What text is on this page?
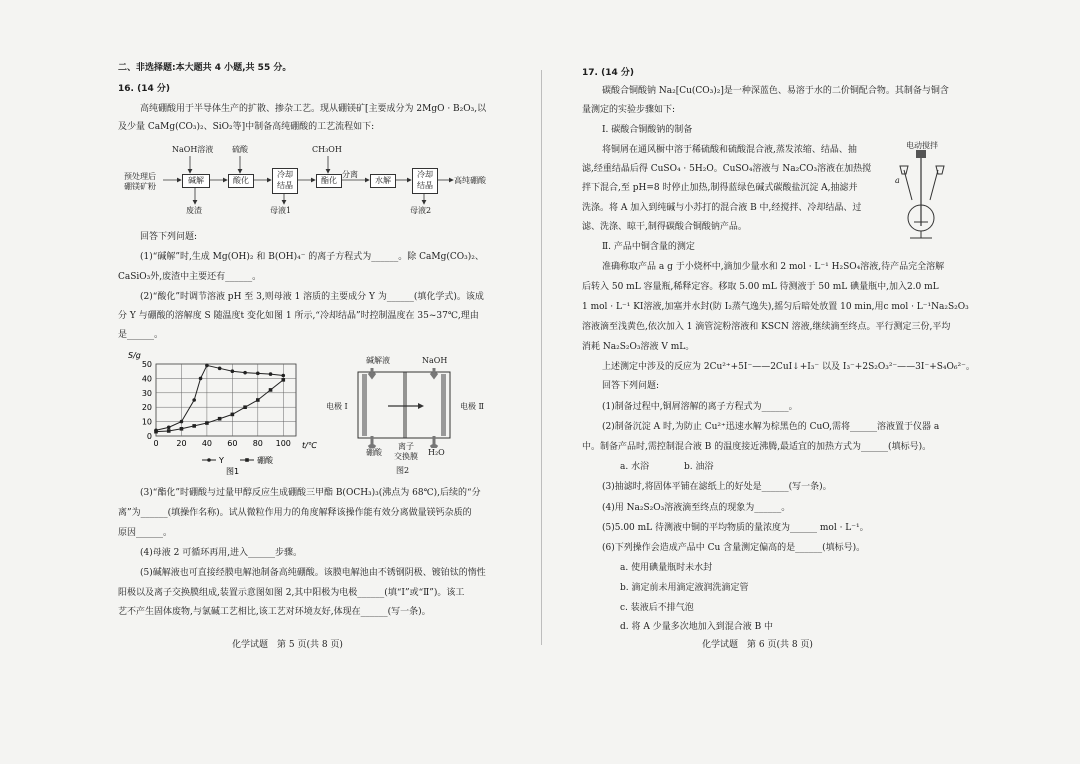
二、非选择题:本大题共 4 小题,共 55 分。
16. (14 分)
高纯硼酸用于半导体生产的扩散、掺杂工艺。现从硼镁矿[主要成分为 2MgO · B₂O₃,以
及少量 CaMg(CO₃)₂、SiO₂等]中制备高纯硼酸的工艺流程如下:
NaOH溶液 硫酸	CH₃OH
预处理后
硼镁矿粉
碱解	酸化
冷却
结晶
酯化
分离
水解
冷却
结晶
高纯硼酸
废渣	母液1	母液2
回答下列问题:
(1)“碱解”时,生成 Mg(OH)₂ 和 B(OH)₄⁻ 的离子方程式为______。除 CaMg(CO₃)₂、
CaSiO₃外,废渣中主要还有______。
(2)“酸化”时调节溶液 pH 至 3,则母液 1 溶质的主要成分 Y 为______(填化学式)。该成
分 Y 与硼酸的溶解度 S 随温度t 变化如图 1 所示,“冷却结晶”时控制温度在 35~37℃,理由
是______。
0
10
20
30
40
50
0 20 40 60 80 100
S/g
t/℃
Y	硼酸
图1
碱解液	NaOH
电极 Ⅰ	电极 Ⅱ
硼酸
离子
交换膜 H₂O
图2
(3)“酯化”时硼酸与过量甲醇反应生成硼酸三甲酯 B(OCH₃)₃(沸点为 68℃),后续的“分
离”为______(填操作名称)。试从微粒作用力的角度解释该操作能有效分离做量镁钙杂质的
原因______。
(4)母液 2 可循环再用,进入______步骤。
(5)碱解液也可直接经膜电解池制备高纯硼酸。该膜电解池由不锈钢阴极、镀铂钛的惰性
阳极以及离子交换膜组成,装置示意图如图 2,其中阳极为电极______(填“Ⅰ”或“Ⅱ”)。该工
艺不产生固体废物,与氯碱工艺相比,该工艺对环境友好,体现在______(写一条)。
化学试题　第 5 页(共 8 页)
17. (14 分)
碳酸合铜酸钠 Na₂[Cu(CO₃)₂]是一种深蓝色、易溶于水的二价铜配合物。其制备与铜含
量测定的实验步骤如下:
Ⅰ. 碳酸合铜酸钠的制备
将铜屑在通风橱中溶于稀硫酸和硫酸混合液,蒸发浓缩、结晶、抽
滤,经重结晶后得 CuSO₄ · 5H₂O。CuSO₄溶液与 Na₂CO₃溶液在加热搅
拌下混合,至 pH=8 时停止加热,制得蓝绿色碱式碳酸盐沉淀 A,抽滤并
洗涤。将 A 加入到纯碱与小苏打的混合液 B 中,经搅拌、冷却结晶、过
滤、洗涤、晾干,制得碳酸合铜酸钠产品。
电动搅拌
a
Ⅱ. 产品中铜含量的测定
准确称取产品 a g 于小烧杯中,滴加少量水和 2 mol · L⁻¹ H₂SO₄溶液,待产品完全溶解
后转入 50 mL 容量瓶,稀释定容。移取 5.00 mL 待测液于 50 mL 碘量瓶中,加入2.0 mL
1 mol · L⁻¹ KI溶液,加塞并水封(防 I₂蒸气逸失),摇匀后暗处放置 10 min,用c mol · L⁻¹Na₂S₂O₃
溶液滴至浅黄色,依次加入 1 滴管淀粉溶液和 KSCN 溶液,继续滴至终点。平行测定三份,平均
消耗 Na₂S₂O₃溶液 V mL。
上述测定中涉及的反应为 2Cu²⁺+5I⁻——2CuI↓+I₃⁻ 以及 I₃⁻+2S₂O₃²⁻——3I⁻+S₄O₆²⁻。
回答下列问题:
(1)制备过程中,铜屑溶解的离子方程式为______。
(2)制备沉淀 A 时,为防止 Cu²⁺迅速水解为棕黑色的 CuO,需将______溶液置于仪器 a
中。制备产品时,需控制混合液 B 的温度接近沸腾,最适宜的加热方式为______(填标号)。
a. 水浴	b. 油浴
(3)抽滤时,将固体平铺在滤纸上的好处是______(写一条)。
(4)用 Na₂S₂O₃溶液滴至终点的现象为______。
(5)5.00 mL 待测液中铜的平均物质的量浓度为______ mol · L⁻¹。
(6)下列操作会造成产品中 Cu 含量测定偏高的是______(填标号)。
a. 使用碘量瓶时未水封
b. 滴定前未用滴定液润洗滴定管
c. 装液后不排气泡
d. 将 A 少量多次地加入到混合液 B 中
化学试题　第 6 页(共 8 页)
